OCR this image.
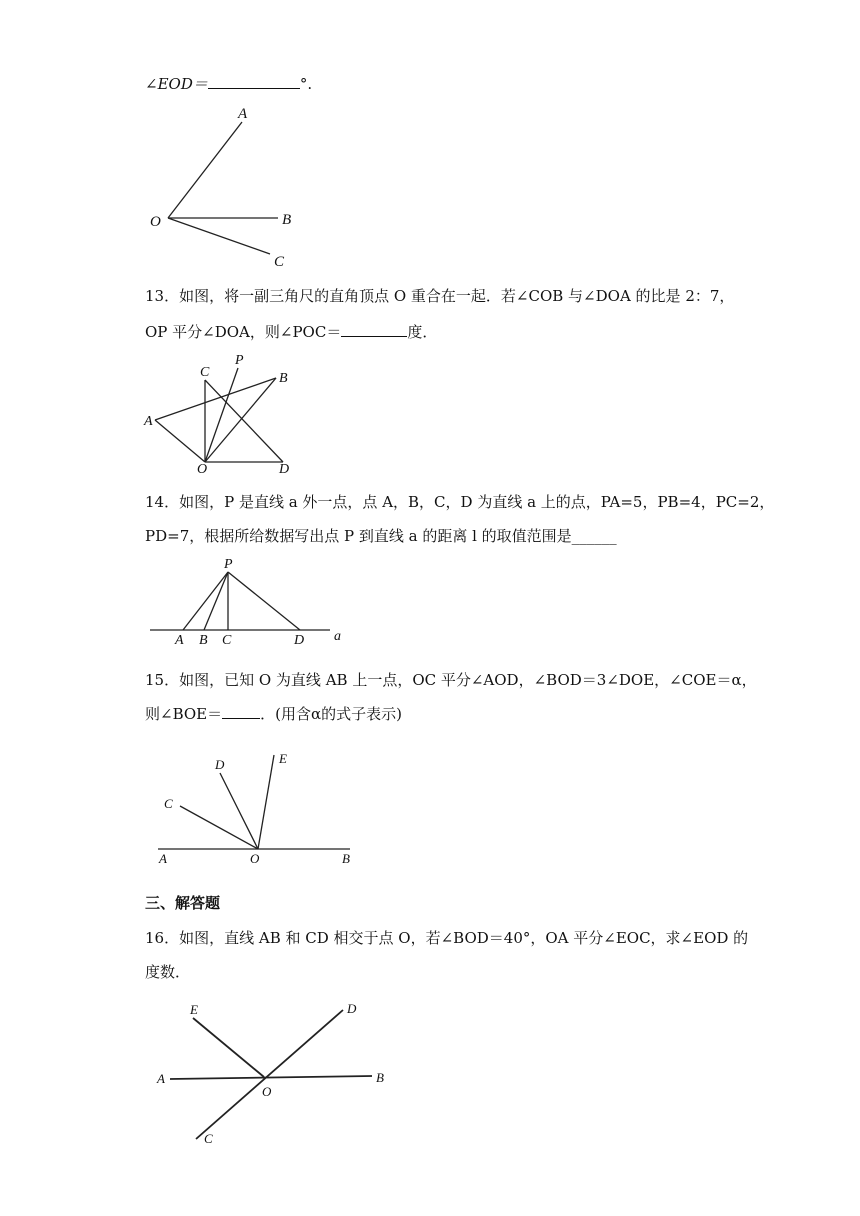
∠EOD＝	°.
A
O	B
C
13．如图，将一副三角尺的直角顶点 O 重合在一起．若∠COB 与∠DOA 的比是 2：7，
OP 平分∠DOA，则∠POC＝	度．
P
C	B
A
O	D
14．如图，P 是直线 a 外一点，点 A，B，C，D 为直线 a 上的点，PA=5，PB=4，PC=2，
PD=7，根据所给数据写出点 P 到直线 a 的距离 l 的取值范围是______
P
A B C	D a
15．如图，已知 O 为直线 AB 上一点，OC 平分∠AOD，∠BOD＝3∠DOE，∠COE＝α，
则∠BOE＝	．(用含α的式子表示)
D	E
C
A	O	B
三、解答题
16．如图，直线 AB 和 CD 相交于点 O，若∠BOD＝40°，OA 平分∠EOC，求∠EOD 的
度数．
E	D
A
O
B
C
